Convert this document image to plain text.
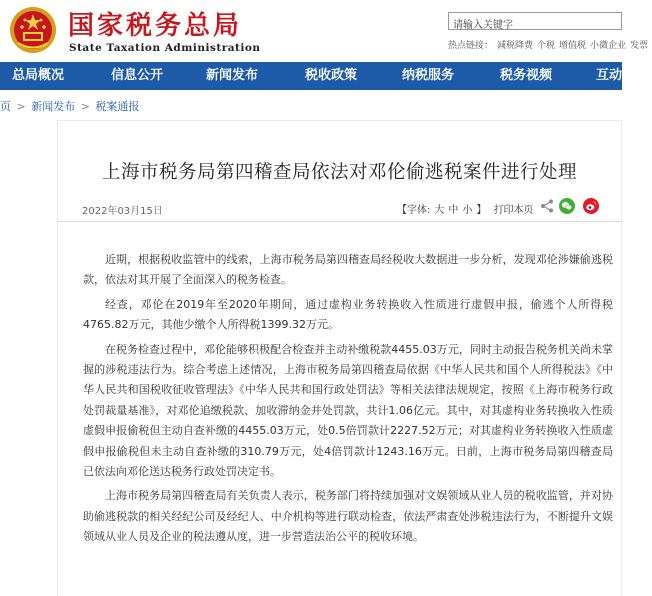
国家税务总局
State Taxation Administration
请输入关键字	热点链接： 减税降费 个税 增值税 小微企业 发票
总局概况	信息公开	新闻发布	税收政策	纳税服务	税务视频	互动
页 > 新闻发布 > 税案通报
上海市税务局第四稽查局依法对邓伦偷逃税案件进行处理
2022年03月15日	【字体: 大 中 小 】 打印本页

近期，根据税收监管中的线索，上海市税务局第四稽查局经税收大数据进一步分析，发现邓伦涉嫌偷逃税款，依法对其开展了全面深入的税务检查。

经查，邓伦在2019年至2020年期间，通过虚构业务转换收入性质进行虚假申报，偷逃个人所得税4765.82万元，其他少缴个人所得税1399.32万元。

在税务检查过程中，邓伦能够积极配合检查并主动补缴税款4455.03万元，同时主动报告税务机关尚未掌握的涉税违法行为。综合考虑上述情况，上海市税务局第四稽查局依据《中华人民共和国个人所得税法》《中华人民共和国税收征收管理法》《中华人民共和国行政处罚法》等相关法律法规规定，按照《上海市税务行政处罚裁量基准》，对邓伦追缴税款、加收滞纳金并处罚款，共计1.06亿元。其中，对其虚构业务转换收入性质虚假申报偷税但主动自查补缴的4455.03万元，处0.5倍罚款计2227.52万元；对其虚构业务转换收入性质虚假申报偷税但未主动自查补缴的310.79万元，处4倍罚款计1243.16万元。日前，上海市税务局第四稽查局已依法向邓伦送达税务行政处罚决定书。

上海市税务局第四稽查局有关负责人表示，税务部门将持续加强对文娱领域从业人员的税收监管，并对协助偷逃税款的相关经纪公司及经纪人、中介机构等进行联动检查，依法严肃查处涉税违法行为，不断提升文娱领域从业人员及企业的税法遵从度，进一步营造法治公平的税收环境。
